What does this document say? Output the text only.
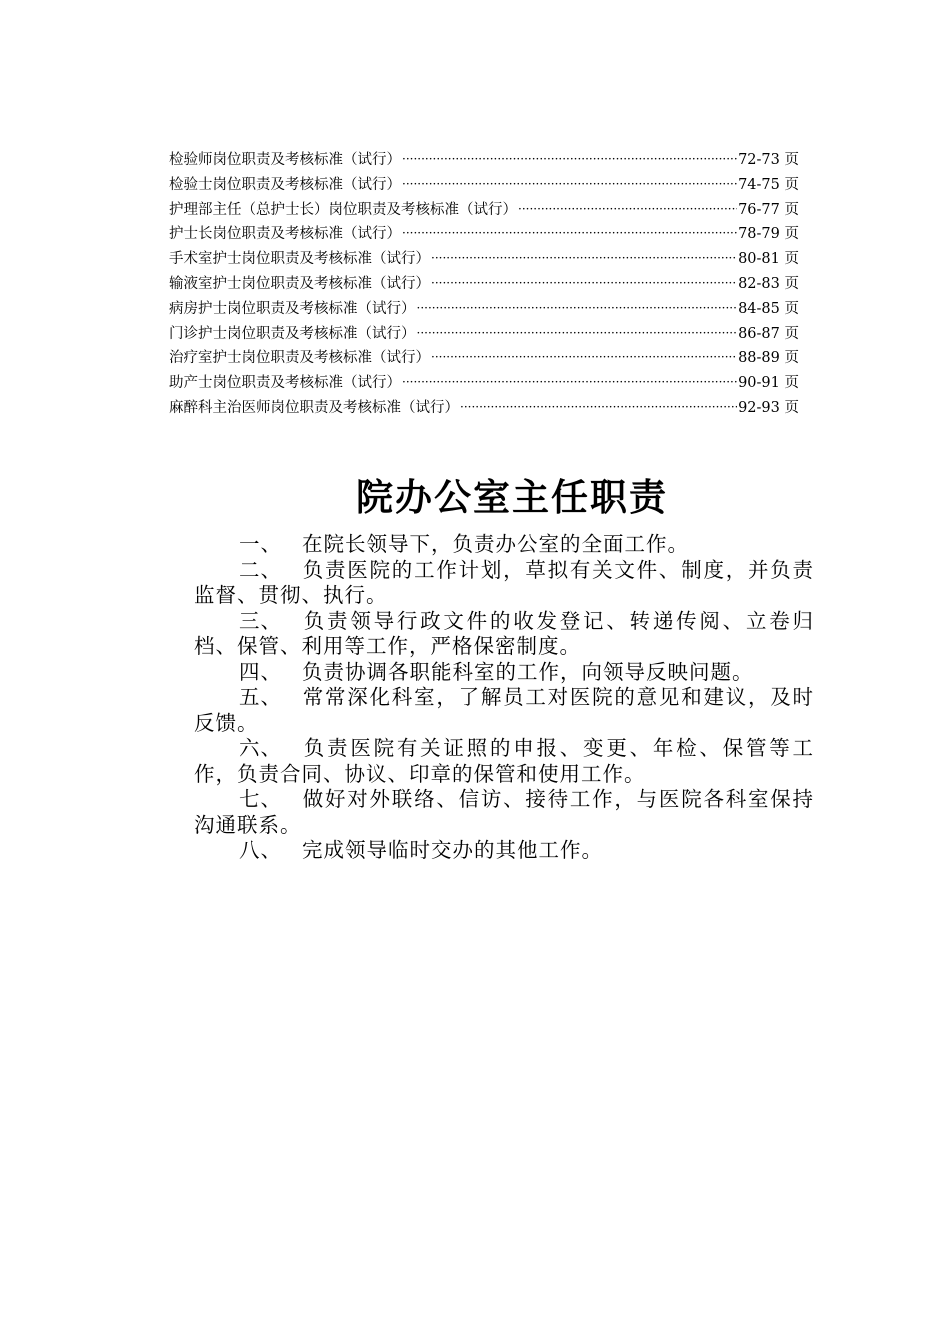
检验师岗位职责及考核标准（试行） ·····	72-73 页
检验士岗位职责及考核标准（试行） ·····	74-75 页
护理部主任（总护士长）岗位职责及考核标准（试行） ·····	76-77 页
护士长岗位职责及考核标准（试行） ·····	78-79 页
手术室护士岗位职责及考核标准（试行） ·····	80-81 页
输液室护士岗位职责及考核标准（试行） ·····	82-83 页
病房护士岗位职责及考核标准（试行） ·····	84-85 页
门诊护士岗位职责及考核标准（试行） ·····	86-87 页
治疗室护士岗位职责及考核标准（试行） ·····	88-89 页
助产士岗位职责及考核标准（试行） ·····	90-91 页
麻醉科主治医师岗位职责及考核标准（试行） ·····	92-93 页
院办公室主任职责

一、 在院长领导下，负责办公室的全面工作。

二、 负责医院的工作计划，草拟有关文件、制度，并负责监督、贯彻、执行。

三、 负责领导行政文件的收发登记、转递传阅、立卷归档、保管、利用等工作，严格保密制度。

四、 负责协调各职能科室的工作，向领导反映问题。

五、 常常深化科室，了解员工对医院的意见和建议，及时反馈。

六、 负责医院有关证照的申报、变更、年检、保管等工作，负责合同、协议、印章的保管和使用工作。

七、 做好对外联络、信访、接待工作，与医院各科室保持沟通联系。

八、 完成领导临时交办的其他工作。
